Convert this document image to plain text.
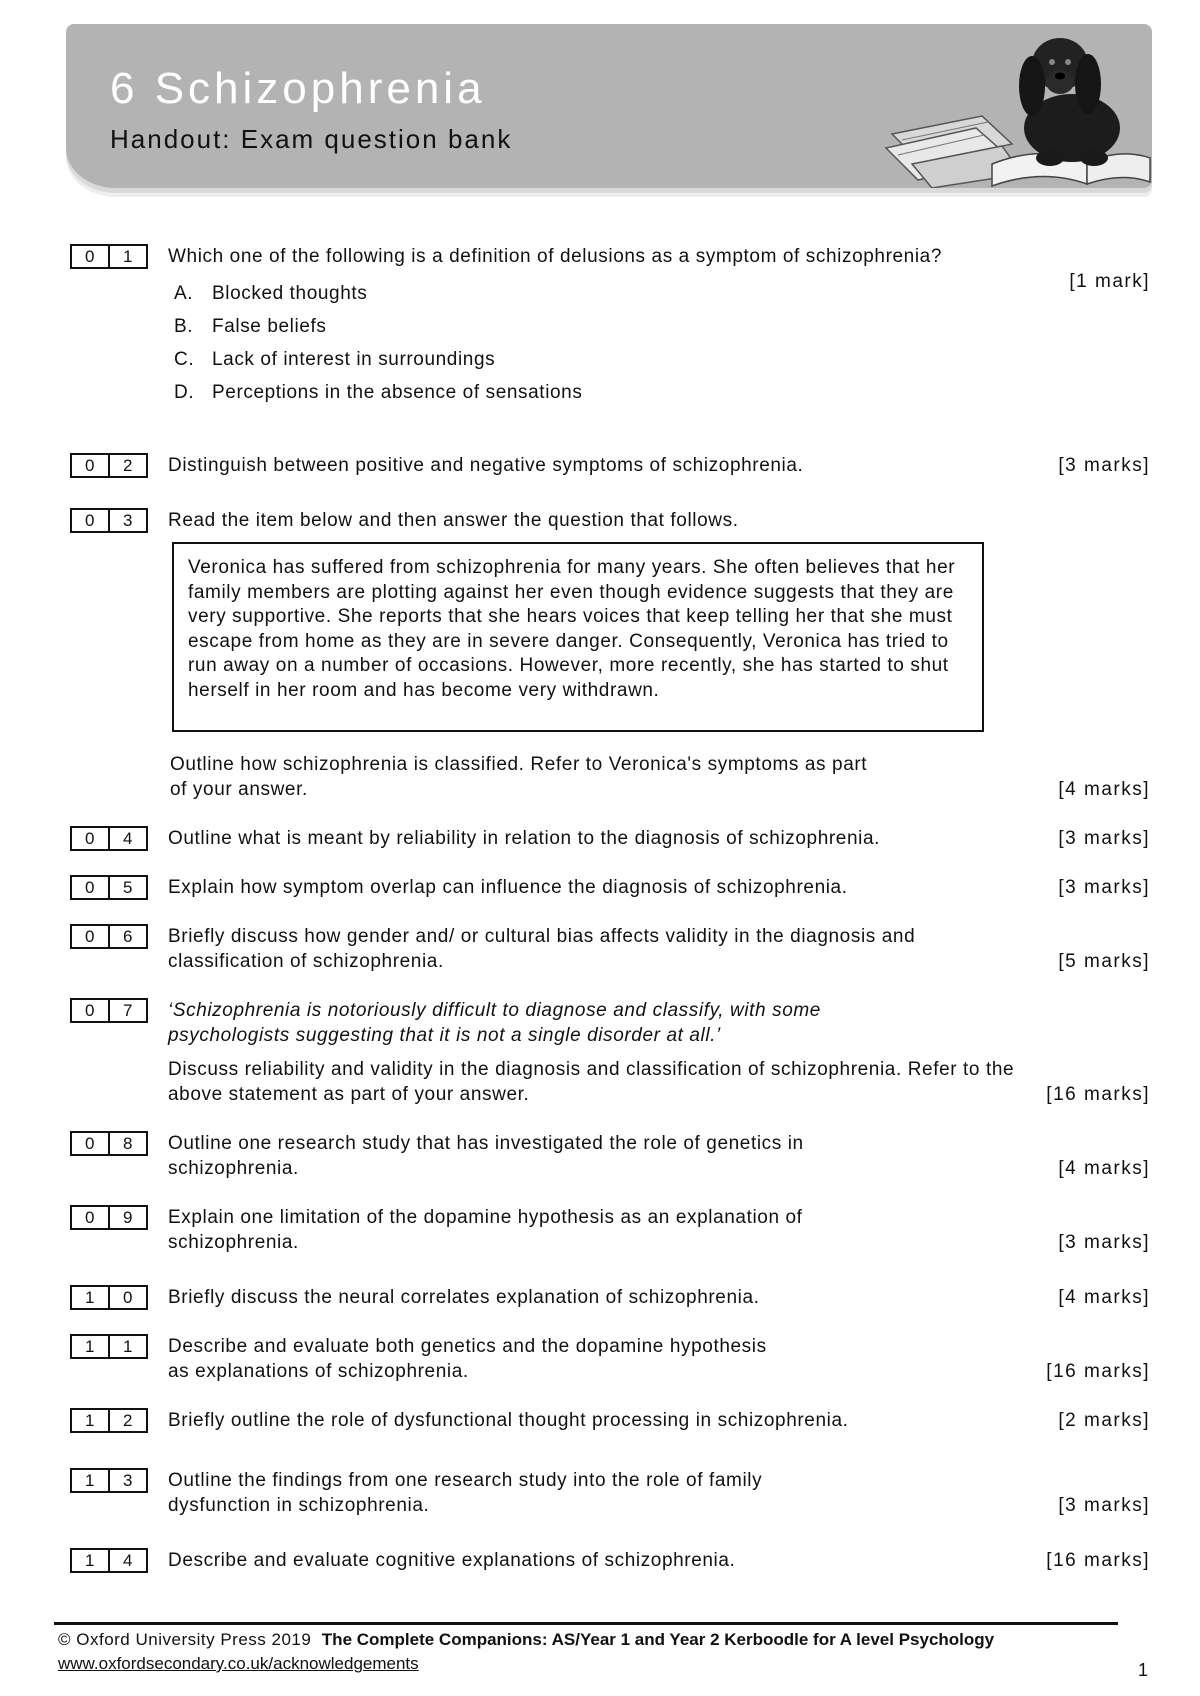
6 Schizophrenia
Handout: Exam question bank
0	1	Which one of the following is a definition of delusions as a symptom of schizophrenia?
[1 mark]
A. Blocked thoughts
B. False beliefs
C. Lack of interest in surroundings
D. Perceptions in the absence of sensations
0	2	Distinguish between positive and negative symptoms of schizophrenia.	[3 marks]
0	3	Read the item below and then answer the question that follows.
Veronica has suffered from schizophrenia for many years. She often believes that her family members are plotting against her even though evidence suggests that they are very supportive. She reports that she hears voices that keep telling her that she must escape from home as they are in severe danger. Consequently, Veronica has tried to run away on a number of occasions. However, more recently, she has started to shut herself in her room and has become very withdrawn.
Outline how schizophrenia is classified. Refer to Veronica's symptoms as part of your answer.	[4 marks]
0	4	Outline what is meant by reliability in relation to the diagnosis of schizophrenia.	[3 marks]
0	5	Explain how symptom overlap can influence the diagnosis of schizophrenia.	[3 marks]
0	6	Briefly discuss how gender and/ or cultural bias affects validity in the diagnosis and classification of schizophrenia.	[5 marks]
0	7	‘Schizophrenia is notoriously difficult to diagnose and classify, with some psychologists suggesting that it is not a single disorder at all.’
Discuss reliability and validity in the diagnosis and classification of schizophrenia. Refer to the above statement as part of your answer.	[16 marks]
0	8	Outline one research study that has investigated the role of genetics in schizophrenia.	[4 marks]
0	9	Explain one limitation of the dopamine hypothesis as an explanation of schizophrenia.	[3 marks]
1	0	Briefly discuss the neural correlates explanation of schizophrenia.	[4 marks]
1	1	Describe and evaluate both genetics and the dopamine hypothesis as explanations of schizophrenia.	[16 marks]
1	2	Briefly outline the role of dysfunctional thought processing in schizophrenia.	[2 marks]
1	3	Outline the findings from one research study into the role of family dysfunction in schizophrenia.	[3 marks]
1	4	Describe and evaluate cognitive explanations of schizophrenia.	[16 marks]
© Oxford University Press 2019 The Complete Companions: AS/Year 1 and Year 2 Kerboodle for A level Psychology
www.oxfordsecondary.co.uk/acknowledgements	1
